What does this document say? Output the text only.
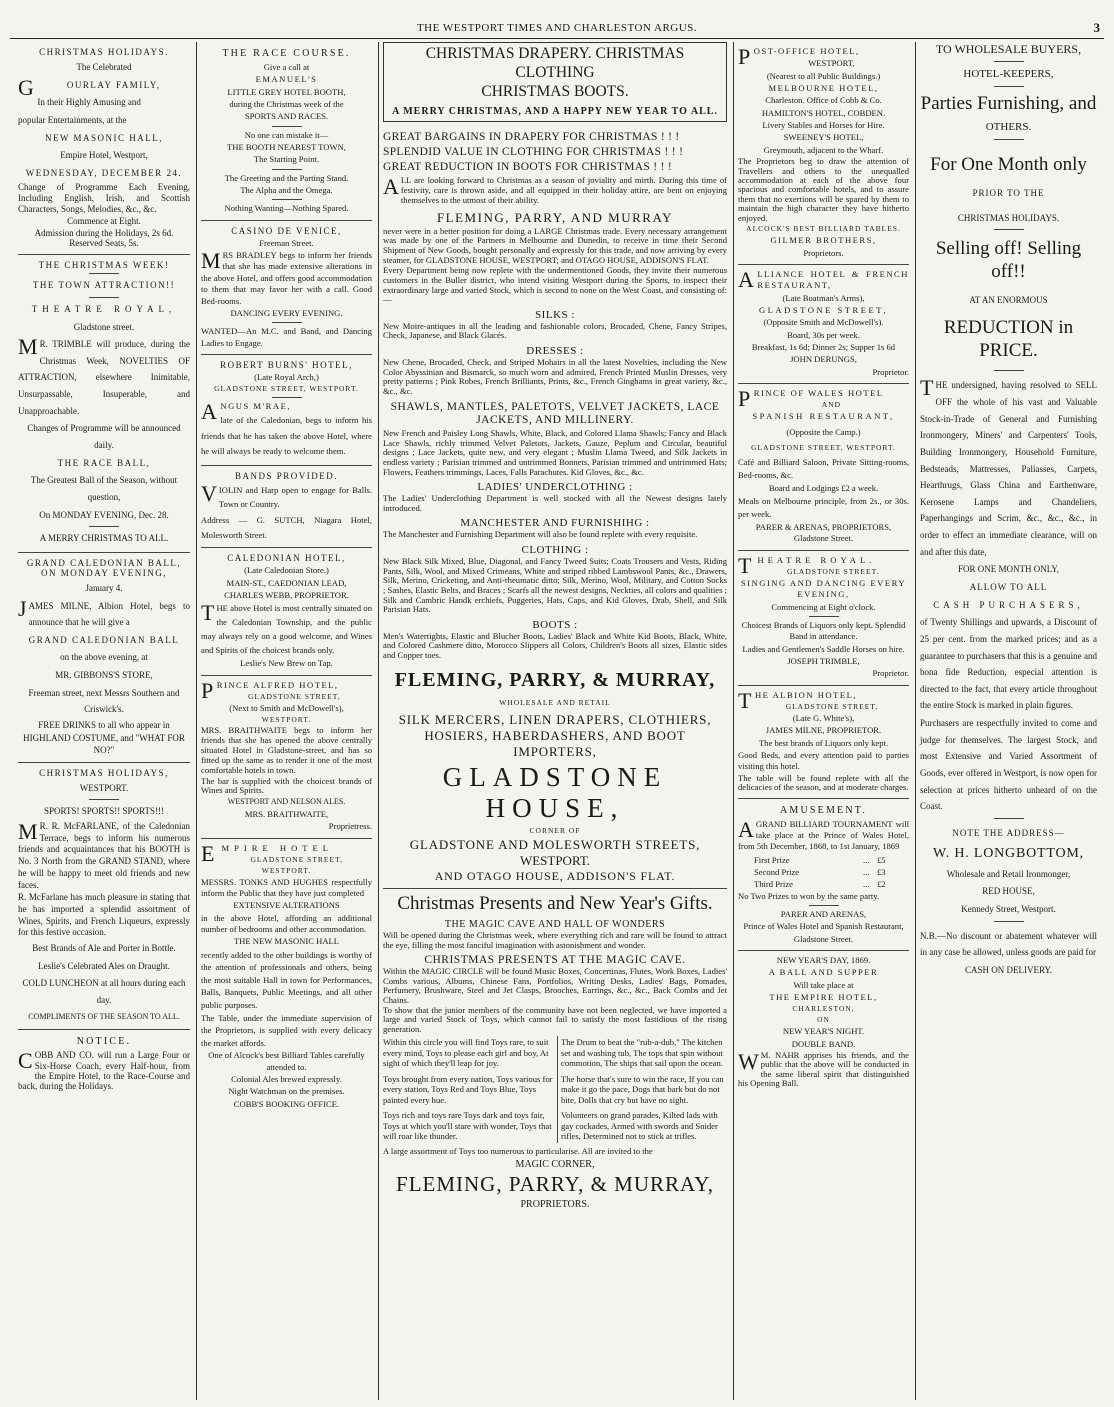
THE WESTPORT TIMES AND CHARLESTON ARGUS.	3
CHRISTMAS HOLIDAYS.

The Celebrated

G	OURLAY FAMILY,

In their Highly Amusing and

popular Entertainments, at the

NEW MASONIC HALL,

Empire Hotel, Westport,

WEDNESDAY, DECEMBER 24.

Change of Programme Each Evening, Including English, Irish, and Scottish Characters, Songs, Melodies, &c., &c.

Commence at Eight.

Admission during the Holidays, 2s 6d. Reserved Seats, 5s.

THE CHRISTMAS WEEK!

THE TOWN ATTRACTION!!

THEATRE ROYAL,

Gladstone street.

M R. TRIMBLE will produce, during the Christmas Week, NOVELTIES OF ATTRACTION, elsewhere Inimitable, Unsurpassable, Insuperable, and Unapproachable.

Changes of Programme will be announced daily.

THE RACE BALL,

The Greatest Ball of the Season, without question,

On MONDAY EVENING, Dec. 28.

A MERRY CHRISTMAS TO ALL.

GRAND CALEDONIAN BALL, ON MONDAY EVENING,

January 4.

JAMES MILNE, Albion Hotel, begs to announce that he will give a

GRAND CALEDONIAN BALL

on the above evening, at

MR. GIBBONS'S STORE,

Freeman street, next Messrs Southern and Criswick's.

FREE DRINKS to all who appear in HIGHLAND COSTUME, and "WHAT FOR NO?"

CHRISTMAS HOLIDAYS,

WESTPORT.

SPORTS! SPORTS!! SPORTS!!!

M R. R. McFARLANE, of the Caledonian Terrace, begs to inform his numerous friends and acquaintances that his BOOTH is No. 3 North from the GRAND STAND, where he will be happy to meet old friends and new faces.

R. McFarlane has much pleasure in stating that he has imported a splendid assortment of Wines, Spirits, and French Liqueurs, expressly for this festive occasion.

Best Brands of Ale and Porter in Bottle.

Leslie's Celebrated Ales on Draught.

COLD LUNCHEON at all hours during each day.

COMPLIMENTS OF THE SEASON TO ALL.

NOTICE.

COBB AND CO. will run a Large Four or Six-Horse Coach, every Half-hour, from the Empire Hotel, to the Race-Course and back, during the Holidays.

THE RACE COURSE.

Give a call at

EMANUEL'S

LITTLE GREY HOTEL BOOTH,

during the Christmas week of the

SPORTS AND RACES.

No one can mistake it—

THE BOOTH NEAREST TOWN,

The Starting Point.

The Greeting and the Parting Stand.

The Alpha and the Omega.

Nothing Wanting—Nothing Spared.

CASINO DE VENICE,

Freeman Street.

MRS BRADLEY begs to inform her friends that she has made extensive alterations in the above Hotel, and offers good accommodation to them that may favor her with a call. Good Bed-rooms.

DANCING EVERY EVENING.

WANTED—An M.C. and Band, and Dancing Ladies to Engage.

ROBERT BURNS' HOTEL,

(Late Royal Arch,)

GLADSTONE STREET, WESTPORT.

ANGUS M'RAE,

late of the Caledonian, begs to inform his friends that he has taken the above Hotel, where he will always be ready to welcome them.

BANDS PROVIDED.

VIOLIN and Harp open to engage for Balls. Town or Country.

Address — G. SUTCH, Niagara Hotel, Molesworth Street.

CALEDONIAN HOTEL,

(Late Caledonian Store.)

MAIN-ST., CAEDONIAN LEAD,

CHARLES WEBB, PROPRIETOR.

THE above Hotel is most centrally situated on the Caledonian Township, and the public may always rely on a good welcome, and Wines and Spirits of the choicest brands only.

Leslie's New Brew on Tap.

PRINCE ALFRED HOTEL,

GLADSTONE STREET,

(Next to Smith and McDowell's),

WESTPORT.

MRS. BRAITHWAITE begs to inform her friends that she has opened the above centrally situated Hotel in Gladstone-street, and has so fitted up the same as to render it one of the most comfortable hotels in town.

The bar is supplied with the choicest brands of Wines and Spirits.

WESTPORT AND NELSON ALES.

MRS. BRAITHWAITE,

Proprietress.

EMPIRE HOTEL

GLADSTONE STREET,

WESTPORT.

MESSRS. TONKS AND HUGHES respectfully inform the Public that they have just completed

EXTENSIVE ALTERATIONS

in the above Hotel, affording an additional number of bedrooms and other accommodation.

THE NEW MASONIC HALL

recently added to the other buildings is worthy of the attention of professionals and others, being the most suitable Hall in town for Performances, Balls, Banquets, Public Meetings, and all other public purposes.

The Table, under the immediate supervision of the Proprietors, is supplied with every delicacy the market affords.

One of Alcock's best Billiard Tables carefully attended to.

Colonial Ales brewed expressly.

Night Watchman on the premises.

COBB'S BOOKING OFFICE.

CHRISTMAS DRAPERY. CHRISTMAS CLOTHING
CHRISTMAS BOOTS.
A MERRY CHRISTMAS, AND A HAPPY NEW YEAR TO ALL.
GREAT BARGAINS IN DRAPERY FOR CHRISTMAS ! ! !
SPLENDID VALUE IN CLOTHING FOR CHRISTMAS ! ! !
GREAT REDUCTION IN BOOTS FOR CHRISTMAS ! ! !

ALL are looking forward to Christmas as a season of joviality and mirth. During this time of festivity, care is thrown aside, and all equipped in their holiday attire, are bent on enjoying themselves to the utmost of their ability.

FLEMING, PARRY, AND MURRAY

never were in a better position for doing a LARGE Christmas trade. Every necessary arrangement was made by one of the Partners in Melbourne and Dunedin, to receive in time their Second Shipment of New Goods, bought personally and expressly for this trade, and now arriving by every steamer, for GLADSTONE HOUSE, WESTPORT; and OTAGO HOUSE, ADDISON'S FLAT.

Every Department being now replete with the undermentioned Goods, they invite their numerous customers in the Buller district, who intend visiting Westport during the Sports, to inspect their extraordinary large and varied Stock, which is second to none on the West Coast, and consisting of:—

SILKS :

New Moire-antiques in all the leading and fashionable colors, Brocaded, Chene, Fancy Stripes, Check, Japanese, and Black Glacés.

DRESSES :

New Chene, Brocaded, Check, and Striped Mohairs in all the latest Novelties, including the New Color Abyssinian and Bismarck, so much worn and admired, French Printed Muslin Dresses, very pretty patterns ; Pink Robes, French Brilliants, Prints, &c., French Ginghams in great variety, &c., &c., &c.

SHAWLS, MANTLES, PALETOTS, VELVET JACKETS, LACE JACKETS, AND MILLINERY.

New French and Paisley Long Shawls, White, Black, and Colored Llama Shawls; Fancy and Black Lace Shawls, richly trimmed Velvet Paletots, Jackets, Gauze, Peplum and Circular, beautiful designs ; Lace Jackets, quite new, and very elegant ; Muslin Llama Tweed, and Silk Jackets in endless variety ; Parisian trimmed and untrimmed Bonnets, Parisian trimmed and untrimmed Hats; Flowers, Feathers trimmings, Laces, Falls Parachutes. Kid Gloves, &c., &c.

LADIES' UNDERCLOTHING :

The Ladies' Underclothing Department is well stocked with all the Newest designs lately introduced.

MANCHESTER AND FURNISHIHG :

The Manchester and Furnishing Department will also be found replete with every requisite.

CLOTHING :

New Black Silk Mixed, Blue, Diagonal, and Fancy Tweed Suits; Coats Trousers and Vests, Riding Pants, Silk, Wool, and Mixed Crimeans, White and striped ribbed Lambswool Pants, &c., Drawers, Silk, Merino, Cricketing, and Anti-rheumatic ditto; Silk, Merino, Wool, Military, and Cotton Socks ; Sashes, Elastic Belts, and Braces ; Scarfs all the newest designs, Neckties, all colors and qualities ; Silk and Cambric Handk erchiefs, Puggeries, Hats, Caps, and Kid Gloves, Drab, Shell, and Silk Parisian Hats.

BOOTS :

Men's Watertights, Elastic and Blucher Boots, Ladies' Black and White Kid Boots, Black, White, and Colored Cashmere ditto, Morocco Slippers all Colors, Children's Boots all sizes, Elastic sides and Copper toes.

FLEMING, PARRY, & MURRAY,

WHOLESALE AND RETAIL

SILK MERCERS, LINEN DRAPERS, CLOTHIERS, HOSIERS, HABERDASHERS, AND BOOT IMPORTERS,
GLADSTONE HOUSE,

CORNER OF

GLADSTONE AND MOLESWORTH STREETS,
WESTPORT.
AND OTAGO HOUSE, ADDISON'S FLAT.
Christmas Presents and New Year's Gifts.
THE MAGIC CAVE AND HALL OF WONDERS

Will be opened during the Christmas week, where everything rich and rare will be found to attract the eye, filling the most fanciful imagination with astonishment and wonder.

CHRISTMAS PRESENTS AT THE MAGIC CAVE.

Within the MAGIC CIRCLE will be found Music Boxes, Concertinas, Flutes, Work Boxes, Ladies' Combs various, Albums, Chinese Fans, Portfolios, Writing Desks, Ladies' Bags, Pomades, Perfumery, Brushware, Steel and Jet Clasps, Brooches, Earrings, &c., &c., Back Combs and Jet Chains.

To show that the junior members of the community have not been neglected, we have imported a large and varied Stock of Toys, which cannot fail to satisfy the most fastidious of the rising generation.

Within this circle you will find Toys rare, to suit every mind, Toys to please each girl and boy, At sight of which they'll leap for joy.

Toys brought from every nation, Toys various for every station, Toys Red and Toys Blue, Toys painted every hue.

Toys rich and toys rare Toys dark and toys fair, Toys at which you'll stare with wonder, Toys that will roar like thunder.

The Drum to beat the "rub-a-dub," The kitchen set and washing tub, The tops that spin without commotion, The ships that sail upon the ocean.

The horse that's sure to win the race, If you can make it go the pace, Dogs that bark but do not bite, Dolls that cry but have no sight.

Volunteers on grand parades, Kilted lads with gay cockades, Armed with swords and Snider rifles, Determined not to stick at trifles.

A large assortment of Toys too numerous to particularise. All are invited to the

MAGIC CORNER,

FLEMING, PARRY, & MURRAY,

PROPRIETORS.

POST-OFFICE HOTEL,

WESTPORT,

(Nearest to all Public Buildings.)

MELBOURNE HOTEL,

Charleston. Office of Cobb & Co.

HAMILTON'S HOTEL, COBDEN.

Livery Stables and Horses for Hire.

SWEENEY'S HOTEL,

Greymouth, adjacent to the Wharf.

The Proprietors beg to draw the attention of Travellers and others to the unequalled accommodation at each of the above four spacious and comfortable hotels, and to assure them that no exertions will be spared by them to maintain the high character they have hitherto enjoyed.

ALCOCK'S BEST BILLIARD TABLES.

GILMER BROTHERS,

Proprietors.

ALLIANCE HOTEL & FRENCH RESTAURANT,

(Late Boatman's Arms),

GLADSTONE STREET,

(Opposite Smith and McDowell's).

Board, 30s per week.

Breakfast, 1s 6d; Dinner 2s; Supper 1s 6d

JOHN DERUNGS,

Proprietor.

PRINCE OF WALES HOTEL

AND

SPANISH RESTAURANT,

(Opposite the Camp.)

GLADSTONE STREET, WESTPORT.

Café and Billiard Saloon, Private Sitting-rooms, Bed-rooms, &c.

Board and Lodgings £2 a week.

Meals on Melbourne principle, from 2s., or 30s. per week.

PARER & ARENAS, PROPRIETORS, Gladstone Street.

THEATRE ROYAL.

GLADSTONE STREET.

SINGING AND DANCING EVERY EVENING,

Commencing at Eight o'clock.

Choicest Brands of Liquors only kept. Splendid Band in attendance.

Ladies and Gentlemen's Saddle Horses on hire.

JOSEPH TRIMBLE,

Proprietor.

THE ALBION HOTEL,

GLADSTONE STREET,

(Late G. White's),

JAMES MILNE, PROPRIETOR.

The best brands of Liquors only kept.

Good Beds, and every attention paid to parties visiting this hotel.

The table will be found replete with all the delicacies of the season, and at moderate charges.

AMUSEMENT.

AGRAND BILLIARD TOURNAMENT will take place at the Prince of Wales Hotel, from 5th December, 1868, to 1st January, 1869

First Prize	... £5
Second Prize	... £3
Third Prize	... £2

No Two Prizes to won by the same party.

PARER AND ARENAS,

Prince of Wales Hotel and Spanish Restaurant,

Gladstone Street.

NEW YEAR'S DAY, 1869.

A BALL AND SUPPER

Will take place at

THE EMPIRE HOTEL,

CHARLESTON,

ON

NEW YEAR'S NIGHT.

DOUBLE BAND.

W M. NAHR apprises his friends, and the public that the above will be conducted in the same liberal spirit that distinguished his Opening Ball.

TO WHOLESALE BUYERS,
HOTEL-KEEPERS,
Parties Furnishing, and
OTHERS.
For One Month only

PRIOR TO THE

CHRISTMAS HOLIDAYS.

Selling off! Selling off!!

AT AN ENORMOUS

REDUCTION in PRICE.

THE undersigned, having resolved to SELL OFF the whole of his vast and Valuable Stock-in-Trade of General and Furnishing Ironmongery, Miners' and Carpenters' Tools, Building Ironmongery, Household Furniture, Bedsteads, Mattresses, Paliasses, Carpets, Hearthrugs, Glass China and Earthenware, Kerosene Lamps and Chandeliers, Paperhangings and Scrim, &c., &c., &c., in order to effect an immediate clearance, will on and after this date,

FOR ONE MONTH ONLY,

ALLOW TO ALL

CASH PURCHASERS,

of Twenty Shillings and upwards, a Discount of 25 per cent. from the marked prices; and as a guarantee to purchasers that this is a genuine and bona fide Reduction, especial attention is directed to the fact, that every article throughout the entire Stock is marked in plain figures.

Purchasers are respectfully invited to come and judge for themselves. The largest Stock, and most Extensive and Varied Assortment of Goods, ever offered in Westport, is now open for selection at prices hitherto unheard of on the Coast.

NOTE THE ADDRESS—

W. H. LONGBOTTOM,

Wholesale and Retail Ironmonger,

RED HOUSE,

Kennedy Street, Westport.

N.B.—No discount or abatement whatever will in any case be allowed, unless goods are paid for

CASH ON DELIVERY.
